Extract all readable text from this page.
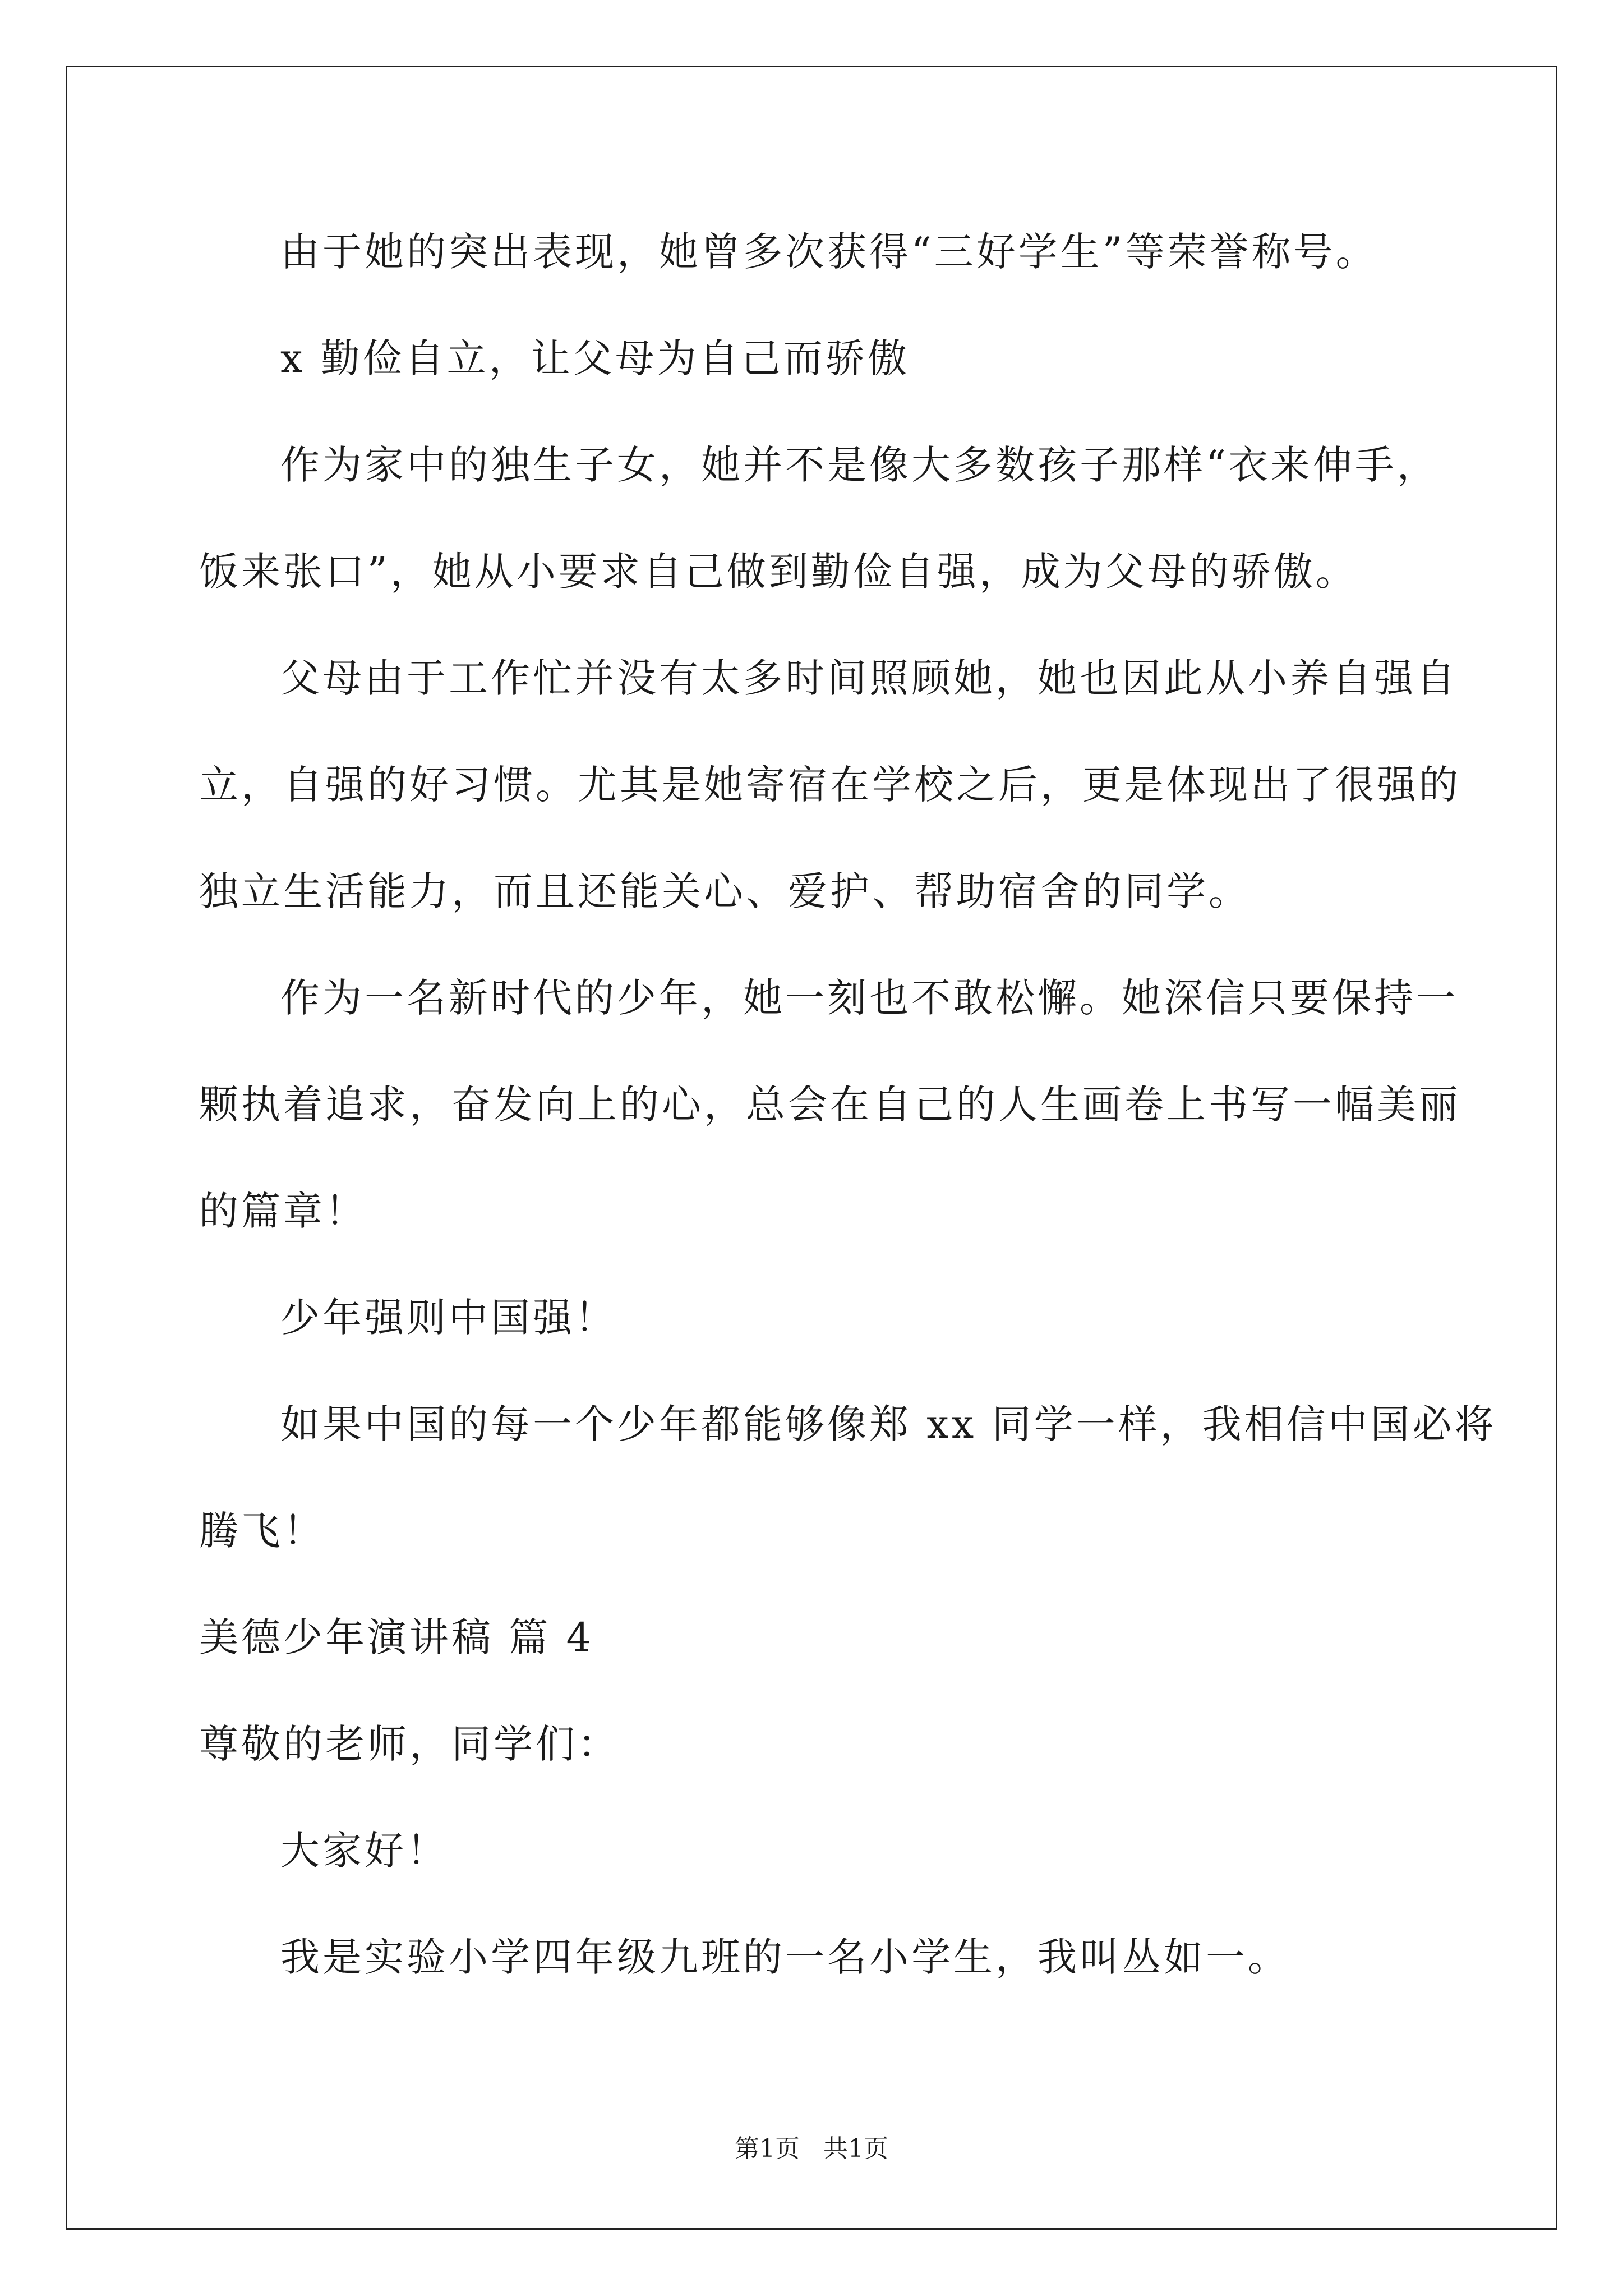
由于她的突出表现，她曾多次获得“三好学生”等荣誉称号。
x 勤俭自立，让父母为自己而骄傲
作为家中的独生子女，她并不是像大多数孩子那样“衣来伸手，
饭来张口”，她从小要求自己做到勤俭自强，成为父母的骄傲。
父母由于工作忙并没有太多时间照顾她，她也因此从小养自强自
立，自强的好习惯。尤其是她寄宿在学校之后，更是体现出了很强的
独立生活能力，而且还能关心、爱护、帮助宿舍的同学。
作为一名新时代的少年，她一刻也不敢松懈。她深信只要保持一
颗执着追求，奋发向上的心，总会在自己的人生画卷上书写一幅美丽
的篇章！
少年强则中国强！
如果中国的每一个少年都能够像郑 xx 同学一样，我相信中国必将
腾飞！
美德少年演讲稿 篇 4
尊敬的老师，同学们：
大家好！
我是实验小学四年级九班的一名小学生，我叫丛如一。
第1页   共1页
